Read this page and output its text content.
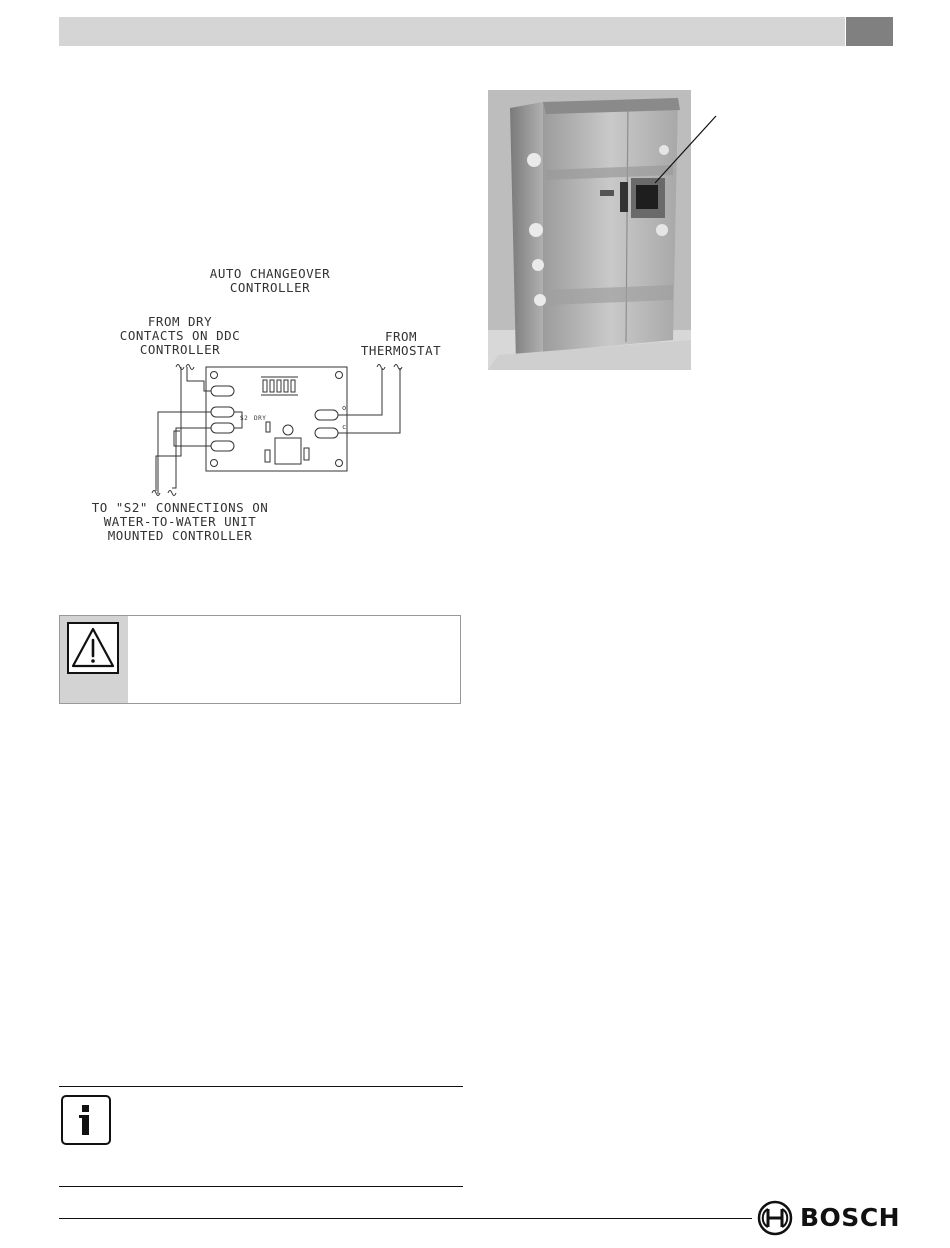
AUTO CHANGEOVER
CONTROLLER
FROM DRY
CONTACTS ON DDC
CONTROLLER
FROM
THERMOSTAT
TO "S2" CONNECTIONS ON
WATER-TO-WATER UNIT
MOUNTED CONTROLLER
S2 DRY
o
c
BOSCH
